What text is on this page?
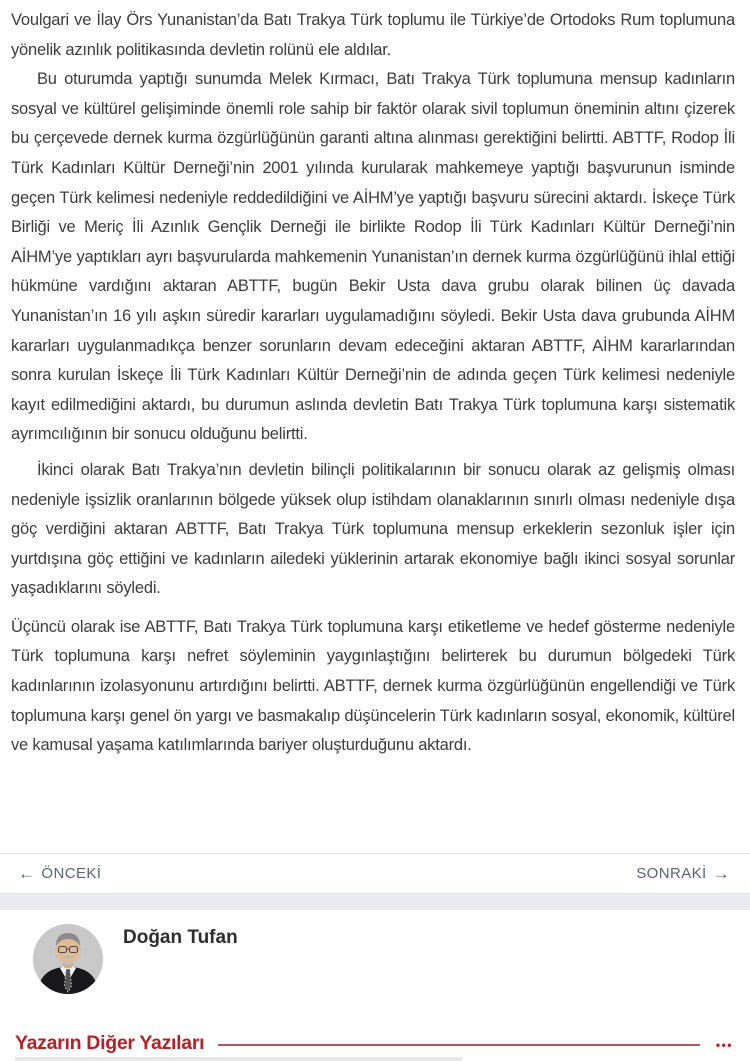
Voulgari ve İlay Örs Yunanistan’da Batı Trakya Türk toplumu ile Türkiye’de Ortodoks Rum toplumuna yönelik azınlık politikasında devletin rolünü ele aldılar.

Bu oturumda yaptığı sunumda Melek Kırmacı, Batı Trakya Türk toplumuna mensup kadınların sosyal ve kültürel gelişiminde önemli role sahip bir faktör olarak sivil toplumun öneminin altını çizerek bu çerçevede dernek kurma özgürlüğünün garanti altına alınması gerektiğini belirtti. ABTTF, Rodop İli Türk Kadınları Kültür Derneği’nin 2001 yılında kurularak mahkemeye yaptığı başvurunun isminde geçen Türk kelimesi nedeniyle reddedildiğini ve AİHM’ye yaptığı başvuru sürecini aktardı. İskeçe Türk Birliği ve Meriç İli Azınlık Gençlik Derneği ile birlikte Rodop İli Türk Kadınları Kültür Derneği’nin AİHM’ye yaptıkları ayrı başvurularda mahkemenin Yunanistan’ın dernek kurma özgürlüğünü ihlal ettiği hükmüne vardığını aktaran ABTTF, bugün Bekir Usta dava grubu olarak bilinen üç davada Yunanistan’ın 16 yılı aşkın süredir kararları uygulamadığını söyledi. Bekir Usta dava grubunda AİHM kararları uygulanmadıkça benzer sorunların devam edeceğini aktaran ABTTF, AİHM kararlarından sonra kurulan İskeçe İli Türk Kadınları Kültür Derneği’nin de adında geçen Türk kelimesi nedeniyle kayıt edilmediğini aktardı, bu durumun aslında devletin Batı Trakya Türk toplumuna karşı sistematik ayrımcılığının bir sonucu olduğunu belirtti.

İkinci olarak Batı Trakya’nın devletin bilinçli politikalarının bir sonucu olarak az gelişmiş olması nedeniyle işsizlik oranlarının bölgede yüksek olup istihdam olanaklarının sınırlı olması nedeniyle dışa göç verdiğini aktaran ABTTF, Batı Trakya Türk toplumuna mensup erkeklerin sezonluk işler için yurtdışına göç ettiğini ve kadınların ailedeki yüklerinin artarak ekonomiye bağlı ikinci sosyal sorunlar yaşadıklarını söyledi.

Üçüncü olarak ise ABTTF, Batı Trakya Türk toplumuna karşı etiketleme ve hedef gösterme nedeniyle Türk toplumuna karşı nefret söyleminin yaygınlaştığını belirterek bu durumun bölgedeki Türk kadınlarının izolasyonunu artırdığını belirtti. ABTTF, dernek kurma özgürlüğünün engellendiği ve Türk toplumuna karşı genel ön yargı ve basmakalıp düşüncelerin Türk kadınların sosyal, ekonomik, kültürel ve kamusal yaşama katılımlarında bariyer oluşturduğunu aktardı.

← ÖNCEKİ	SONRAKİ →
Doğan Tufan
Yazarın Diğer Yazıları	•••
